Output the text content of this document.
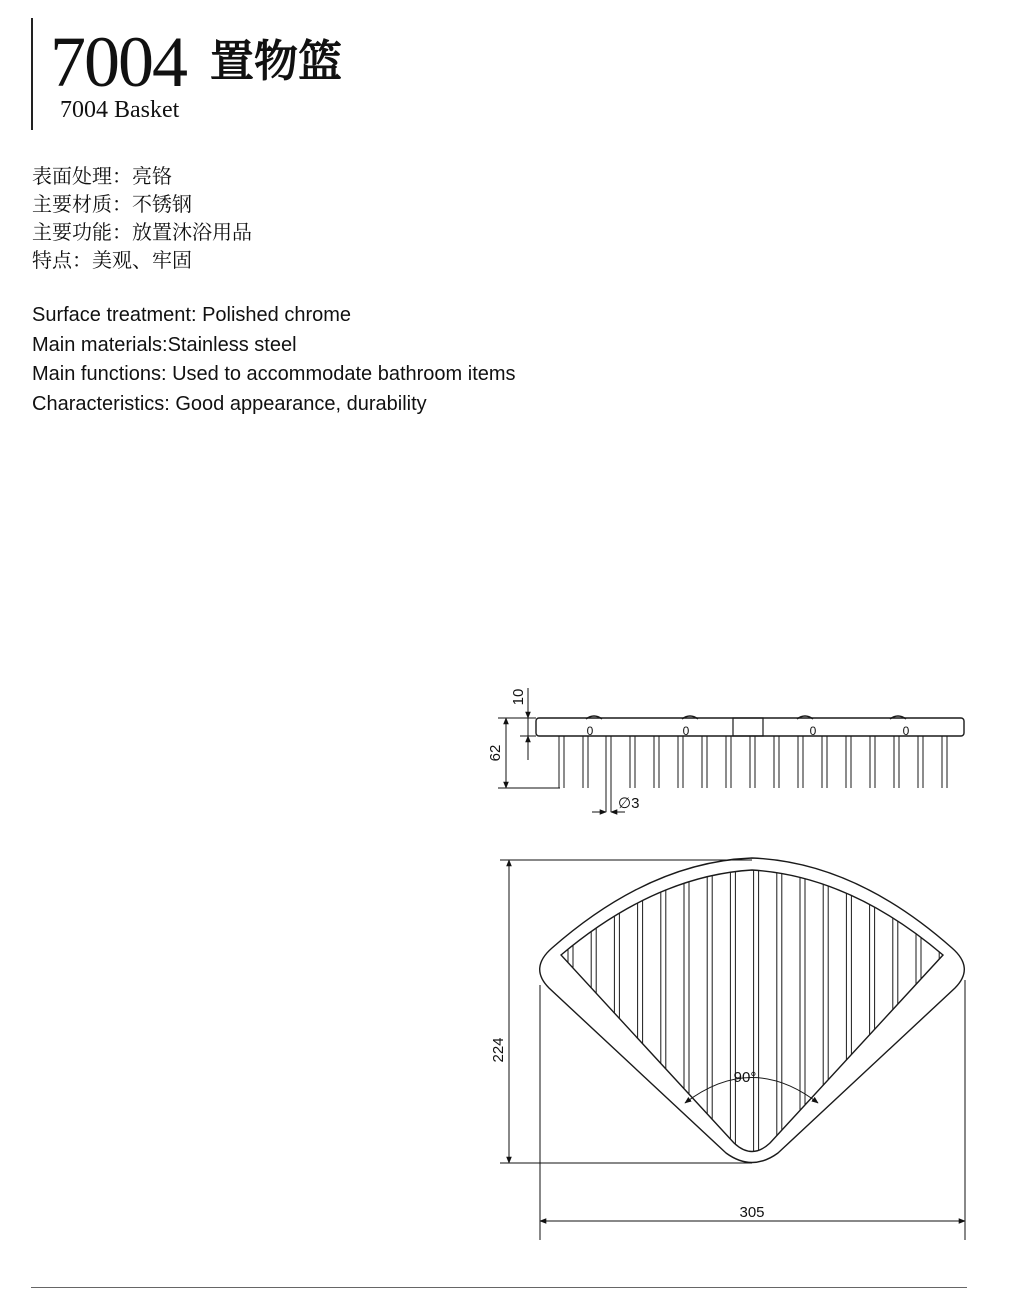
7004 置物篮
7004 Basket
表面处理：亮铬
主要材质：不锈钢
主要功能：放置沐浴用品
特点：美观、牢固
Surface treatment: Polished chrome
Main materials:Stainless steel
Main functions: Used to accommodate bathroom items
Characteristics: Good appearance, durability
0	0	0	0
10
62
∅3
90°
224
305
